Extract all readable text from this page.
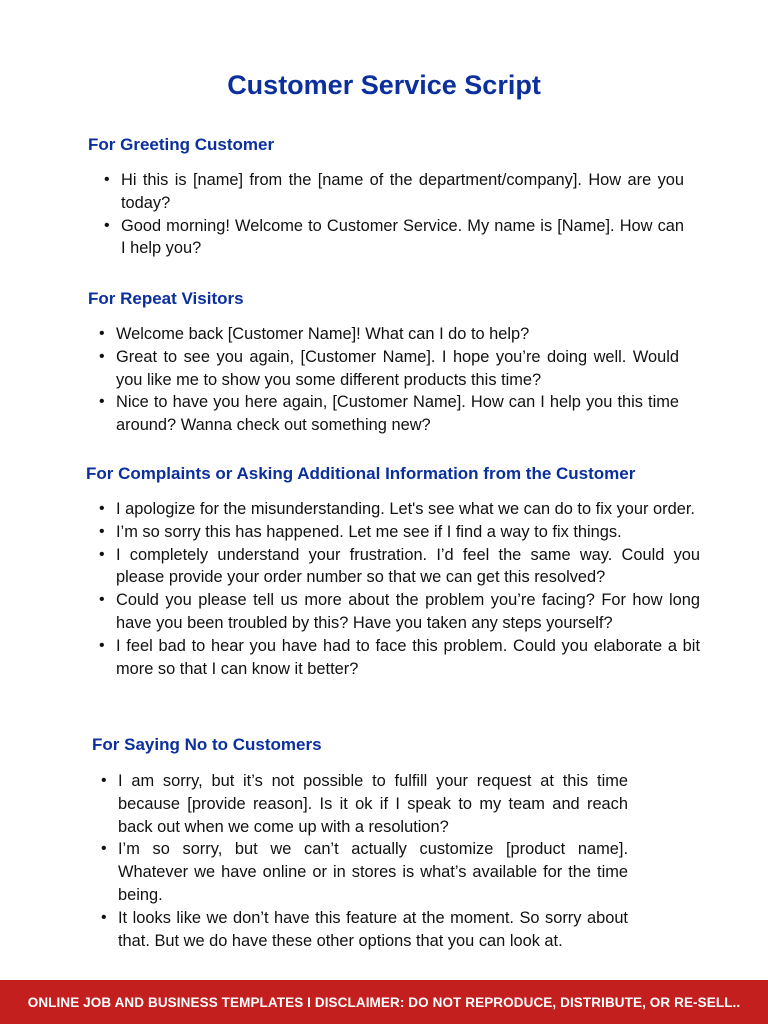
Customer Service Script
For Greeting Customer
• Hi this is [name] from the [name of the department/company]. How are you today?
• Good morning! Welcome to Customer Service. My name is [Name]. How can I help you?
For Repeat Visitors
• Welcome back [Customer Name]! What can I do to help?
• Great to see you again, [Customer Name]. I hope you’re doing well. Would you like me to show you some different products this time?
• Nice to have you here again, [Customer Name]. How can I help you this time around? Wanna check out something new?
For Complaints or Asking Additional Information from the Customer
• I apologize for the misunderstanding. Let's see what we can do to fix your order.
• I’m so sorry this has happened. Let me see if I find a way to fix things.
• I completely understand your frustration. I’d feel the same way. Could you please provide your order number so that we can get this resolved?
• Could you please tell us more about the problem you’re facing? For how long have you been troubled by this? Have you taken any steps yourself?
• I feel bad to hear you have had to face this problem. Could you elaborate a bit more so that I can know it better?
For Saying No to Customers
• I am sorry, but it’s not possible to fulfill your request at this time because [provide reason]. Is it ok if I speak to my team and reach back out when we come up with a resolution?
• I’m so sorry, but we can’t actually customize [product name]. Whatever we have online or in stores is what’s available for the time being.
• It looks like we don’t have this feature at the moment. So sorry about that. But we do have these other options that you can look at.
ONLINE JOB AND BUSINESS TEMPLATES I DISCLAIMER: DO NOT REPRODUCE, DISTRIBUTE, OR RE-SELL..
